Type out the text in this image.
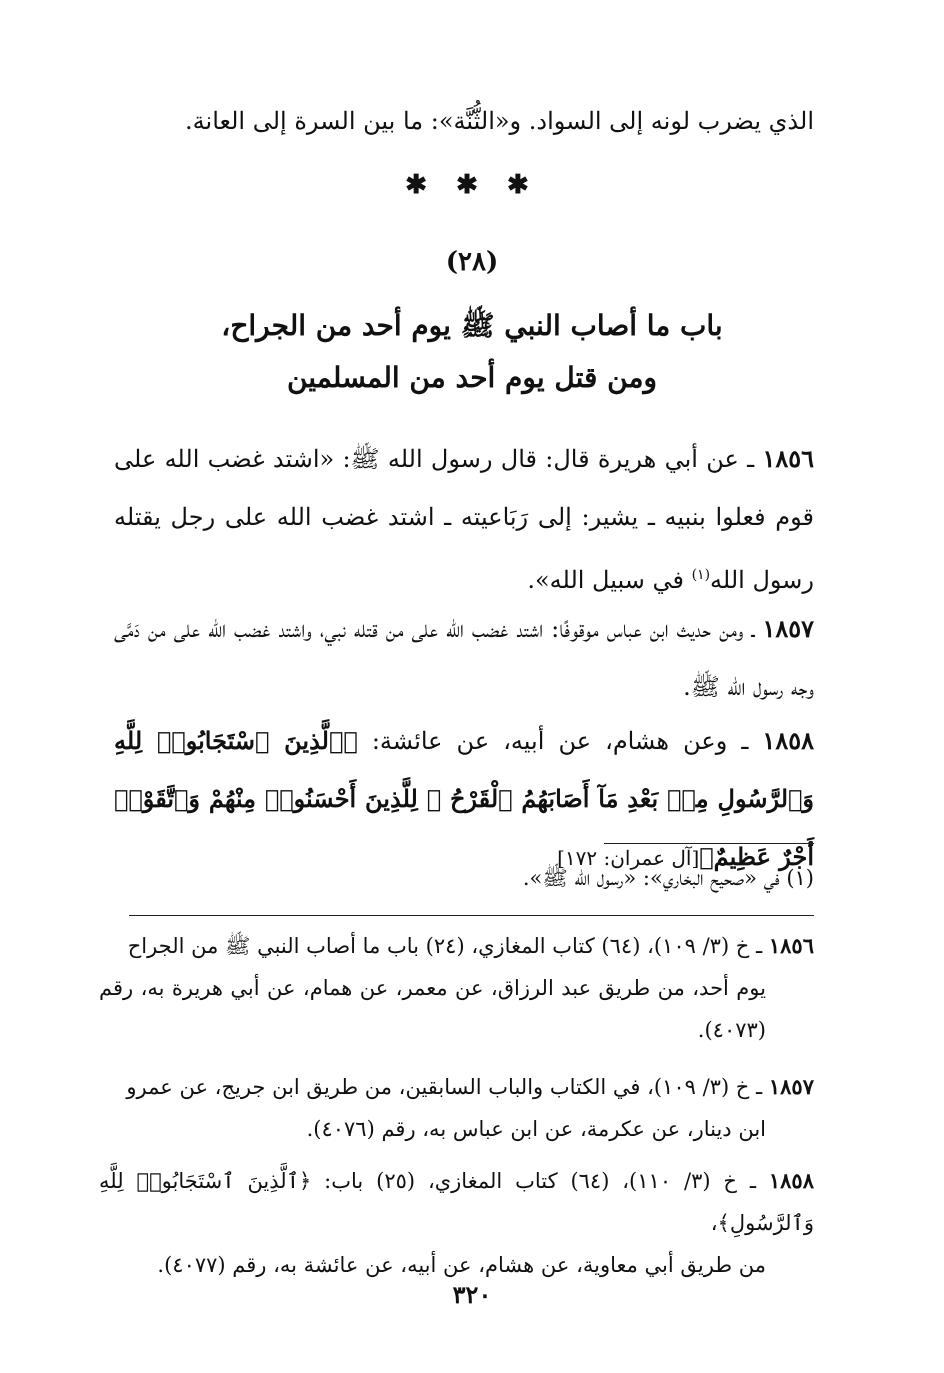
الذي يضرب لونه إلى السواد. و«الثُّنَّة»: ما بين السرة إلى العانة.
✱ ✱ ✱
(٢٨)
باب ما أصاب النبي ﷺ يوم أحد من الجراح،
ومن قتل يوم أحد من المسلمين
١٨٥٦ ـ عن أبي هريرة قال: قال رسول الله ﷺ: «اشتد غضب الله على قوم فعلوا بنبيه ـ يشير: إلى رَبَاعيته ـ اشتد غضب الله على رجل يقتله رسول الله$^{(١)}$ في سبيل الله».
١٨٥٧ ـ ومن حديث ابن عباس موقوفًا: اشتد غضب الله على من قتله نبي، واشتد غضب الله على من دَمَّى وجه رسول الله ﷺ.
١٨٥٨ ـ وعن هشام، عن أبيه، عن عائشة: ﴿ٱلَّذِينَ ٱسْتَجَابُوا۟ لِلَّهِ وَٱلرَّسُولِ مِنۢ بَعْدِ مَآ أَصَابَهُمُ ٱلْقَرْحُ ۚ لِلَّذِينَ أَحْسَنُوا۟ مِنْهُمْ وَٱتَّقَوْا۟ أَجْرٌ عَظِيمٌ﴾[آل عمران: ١٧٢]
(١) في «صحيح البخاري»: «رسول الله ﷺ».
١٨٥٦ ـ خ (٣/ ١٠٩)، (٦٤) كتاب المغازي، (٢٤) باب ما أصاب النبي ﷺ من الجراح
يوم أحد، من طريق عبد الرزاق، عن معمر، عن همام، عن أبي هريرة به، رقم (٤٠٧٣).
١٨٥٧ ـ خ (٣/ ١٠٩)، في الكتاب والباب السابقين، من طريق ابن جريج، عن عمرو
ابن دينار، عن عكرمة، عن ابن عباس به، رقم (٤٠٧٦).
١٨٥٨ ـ خ (٣/ ١١٠)، (٦٤) كتاب المغازي، (٢٥) باب: ﴿ٱلَّذِينَ ٱسْتَجَابُوا۟ لِلَّهِ وَٱلرَّسُولِ﴾،
من طريق أبي معاوية، عن هشام، عن أبيه، عن عائشة به، رقم (٤٠٧٧).
٣٢٠
